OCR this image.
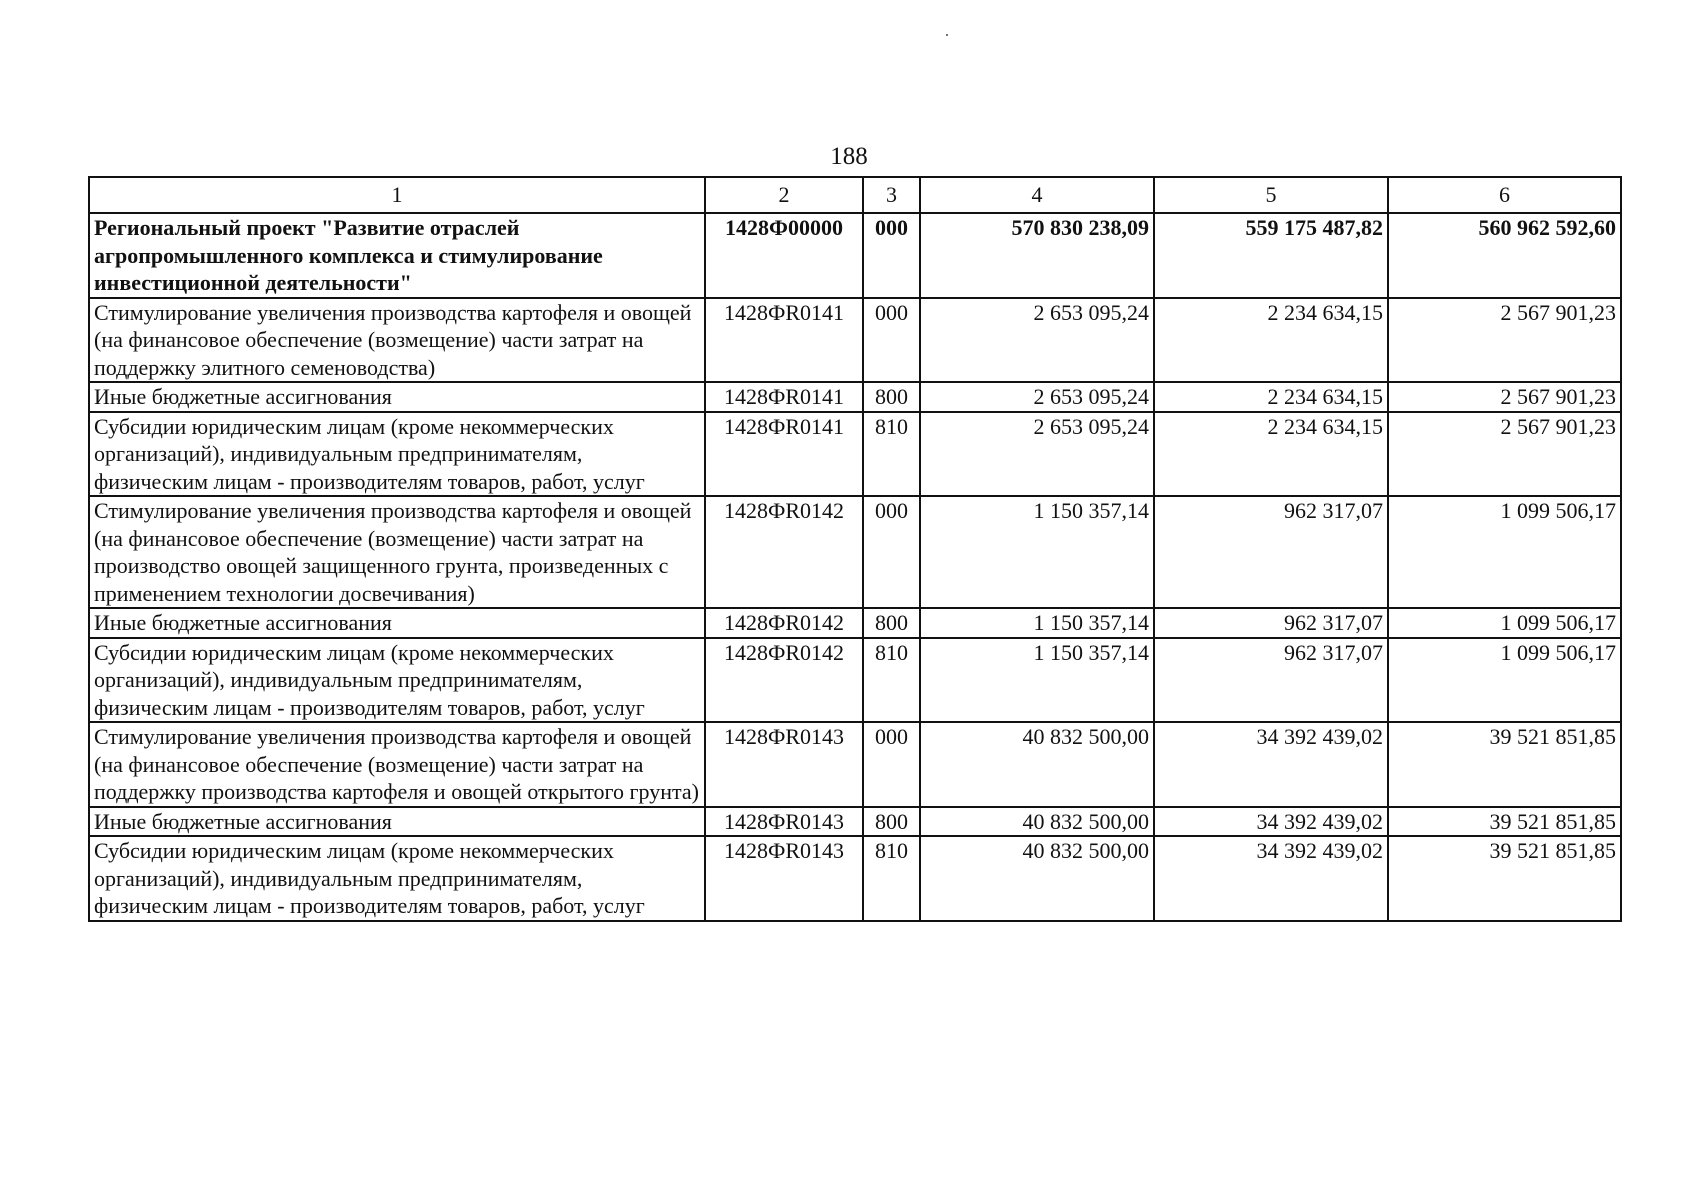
188
1	2	3	4	5	6
Региональный проект "Развитие отраслей агропромышленного комплекса и стимулирование инвестиционной деятельности"	1428Ф00000	000	570 830 238,09	559 175 487,82	560 962 592,60
Стимулирование увеличения производства картофеля и овощей (на финансовое обеспечение (возмещение) части затрат на поддержку элитного семеноводства)	1428ФR0141	000	2 653 095,24	2 234 634,15	2 567 901,23
Иные бюджетные ассигнования	1428ФR0141	800	2 653 095,24	2 234 634,15	2 567 901,23
Субсидии юридическим лицам (кроме некоммерческих организаций), индивидуальным предпринимателям, физическим лицам - производителям товаров, работ, услуг	1428ФR0141	810	2 653 095,24	2 234 634,15	2 567 901,23
Стимулирование увеличения производства картофеля и овощей (на финансовое обеспечение (возмещение) части затрат на производство овощей защищенного грунта, произведенных с применением технологии досвечивания)	1428ФR0142	000	1 150 357,14	962 317,07	1 099 506,17
Иные бюджетные ассигнования	1428ФR0142	800	1 150 357,14	962 317,07	1 099 506,17
Субсидии юридическим лицам (кроме некоммерческих организаций), индивидуальным предпринимателям, физическим лицам - производителям товаров, работ, услуг	1428ФR0142	810	1 150 357,14	962 317,07	1 099 506,17
Стимулирование увеличения производства картофеля и овощей (на финансовое обеспечение (возмещение) части затрат на поддержку производства картофеля и овощей открытого грунта)	1428ФR0143	000	40 832 500,00	34 392 439,02	39 521 851,85
Иные бюджетные ассигнования	1428ФR0143	800	40 832 500,00	34 392 439,02	39 521 851,85
Субсидии юридическим лицам (кроме некоммерческих организаций), индивидуальным предпринимателям, физическим лицам - производителям товаров, работ, услуг	1428ФR0143	810	40 832 500,00	34 392 439,02	39 521 851,85
